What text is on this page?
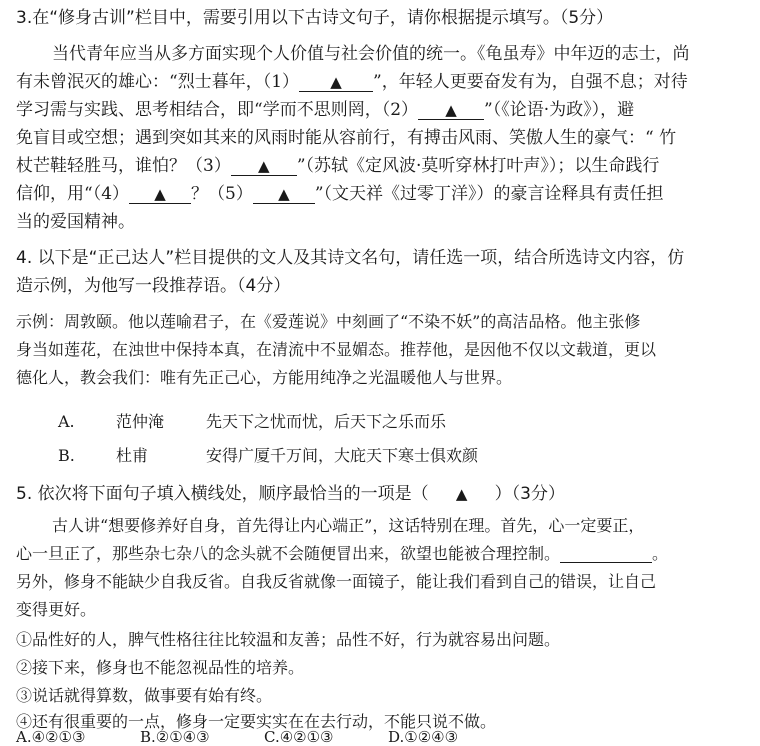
3.在“修身古训”栏目中，需要引用以下古诗文句子，请你根据提示填写。（5分）
当代青年应当从多方面实现个人价值与社会价值的统一。《龟虽寿》中年迈的志士，尚
有未曾泯灭的雄心：“烈士暮年，（1） ▲ ”，年轻人更要奋发有为，自强不息；对待
学习需与实践、思考相结合，即“学而不思则罔，（2） ▲ ”（《论语·为政》），避
免盲目或空想；遇到突如其来的风雨时能从容前行，有搏击风雨、笑傲人生的豪气：“ 竹
杖芒鞋轻胜马，谁怕？（3） ▲ ”（苏轼《定风波·莫听穿林打叶声》）；以生命践行
信仰，用“（4） ▲ ？（5） ▲ ”（文天祥《过零丁洋》）的豪言诠释具有责任担
当的爱国精神。
4. 以下是“正己达人”栏目提供的文人及其诗文名句，请任选一项，结合所选诗文内容，仿
造示例，为他写一段推荐语。（4分）
示例：周敦颐。他以莲喻君子，在《爱莲说》中刻画了“不染不妖”的高洁品格。他主张修
身当如莲花，在浊世中保持本真，在清流中不显媚态。推荐他，是因他不仅以文载道，更以
德化人，教会我们：唯有先正己心，方能用纯净之光温暖他人与世界。
A.	范仲淹	先天下之忧而忧，后天下之乐而乐
B.	杜甫	安得广厦千万间，大庇天下寒士俱欢颜
5. 依次将下面句子填入横线处，顺序最恰当的一项是（ ▲ ）（3分）
古人讲“想要修养好自身，首先得让内心端正”，这话特别在理。首先，心一定要正，
心一旦正了，那些杂七杂八的念头就不会随便冒出来，欲望也能被合理控制。	。
另外，修身不能缺少自我反省。自我反省就像一面镜子，能让我们看到自己的错误，让自己
变得更好。
①品性好的人，脾气性格往往比较温和友善；品性不好，行为就容易出问题。
②接下来，修身也不能忽视品性的培养。
③说话就得算数，做事要有始有终。
④还有很重要的一点，修身一定要实实在在去行动，不能只说不做。
A.④②①③	B.②①④③	C.④②①③	D.①②④③
